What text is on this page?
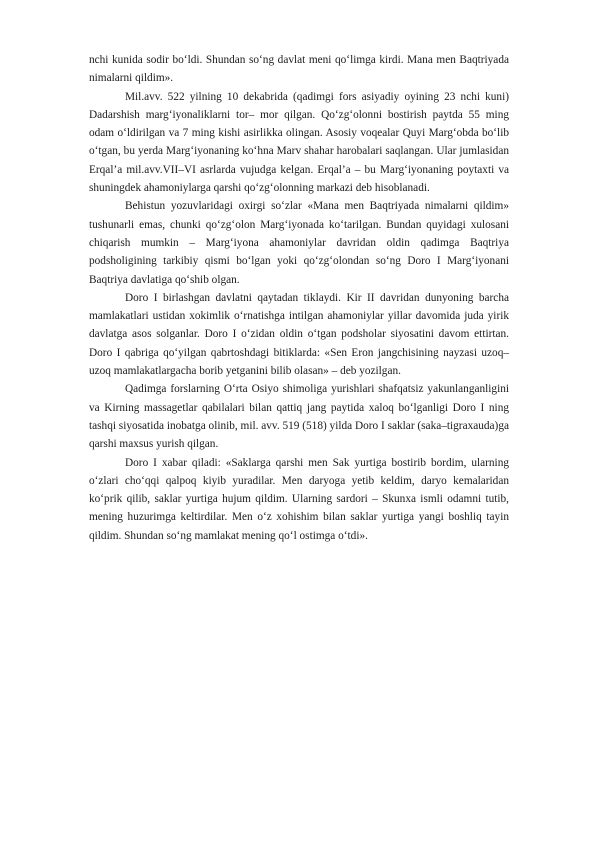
nchi kunida sodir bo‘ldi. Shundan so‘ng davlat meni qo‘limga kirdi. Mana men Baqtriyada nimalarni qildim».

Mil.avv. 522 yilning 10 dekabrida (qadimgi fors asiyadiy oyining 23 nchi kuni) Dadarshish marg‘iyonaliklarni tor– mor qilgan. Qo‘zg‘olonni bostirish paytda 55 ming odam o‘ldirilgan va 7 ming kishi asirlikka olingan. Asosiy voqealar Quyi Marg‘obda bo‘lib o‘tgan, bu yerda Marg‘iyonaning ko‘hna Marv shahar harobalari saqlangan. Ular jumlasidan Erqal’a mil.avv.VII–VI asrlarda vujudga kelgan. Erqal’a – bu Marg‘iyonaning poytaxti va shuningdek ahamoniylarga qarshi qo‘zg‘olonning markazi deb hisoblanadi.

Behistun yozuvlaridagi oxirgi so‘zlar «Mana men Baqtriyada nimalarni qildim» tushunarli emas, chunki qo‘zg‘olon Marg‘iyonada ko‘tarilgan. Bundan quyidagi xulosani chiqarish mumkin – Marg‘iyona ahamoniylar davridan oldin qadimga Baqtriya podsholigining tarkibiy qismi bo‘lgan yoki qo‘zg‘olondan so‘ng Doro I Marg‘iyonani Baqtriya davlatiga qo‘shib olgan.

Doro I birlashgan davlatni qaytadan tiklaydi. Kir II davridan dunyoning barcha mamlakatlari ustidan xokimlik o‘rnatishga intilgan ahamoniylar yillar davomida juda yirik davlatga asos solganlar. Doro I o‘zidan oldin o‘tgan podsholar siyosatini davom ettirtan. Doro I qabriga qo‘yilgan qabrtoshdagi bitiklarda: «Sen Eron jangchisining nayzasi uzoq–uzoq mamlakatlargacha borib yetganini bilib olasan» – deb yozilgan.

Qadimga forslarning O‘rta Osiyo shimoliga yurishlari shafqatsiz yakunlanganligini va Kirning massagetlar qabilalari bilan qattiq jang paytida xaloq bo‘lganligi Doro I ning tashqi siyosatida inobatga olinib, mil. avv. 519 (518) yilda Doro I saklar (saka–tigraxauda)ga qarshi maxsus yurish qilgan.

Doro I xabar qiladi: «Saklarga qarshi men Sak yurtiga bostirib bordim, ularning o‘zlari cho‘qqi qalpoq kiyib yuradilar. Men daryoga yetib keldim, daryo kemalaridan ko‘prik qilib, saklar yurtiga hujum qildim. Ularning sardori – Skunxa ismli odamni tutib, mening huzurimga keltirdilar. Men o‘z xohishim bilan saklar yurtiga yangi boshliq tayin qildim. Shundan so‘ng mamlakat mening qo‘l ostimga o‘tdi».
